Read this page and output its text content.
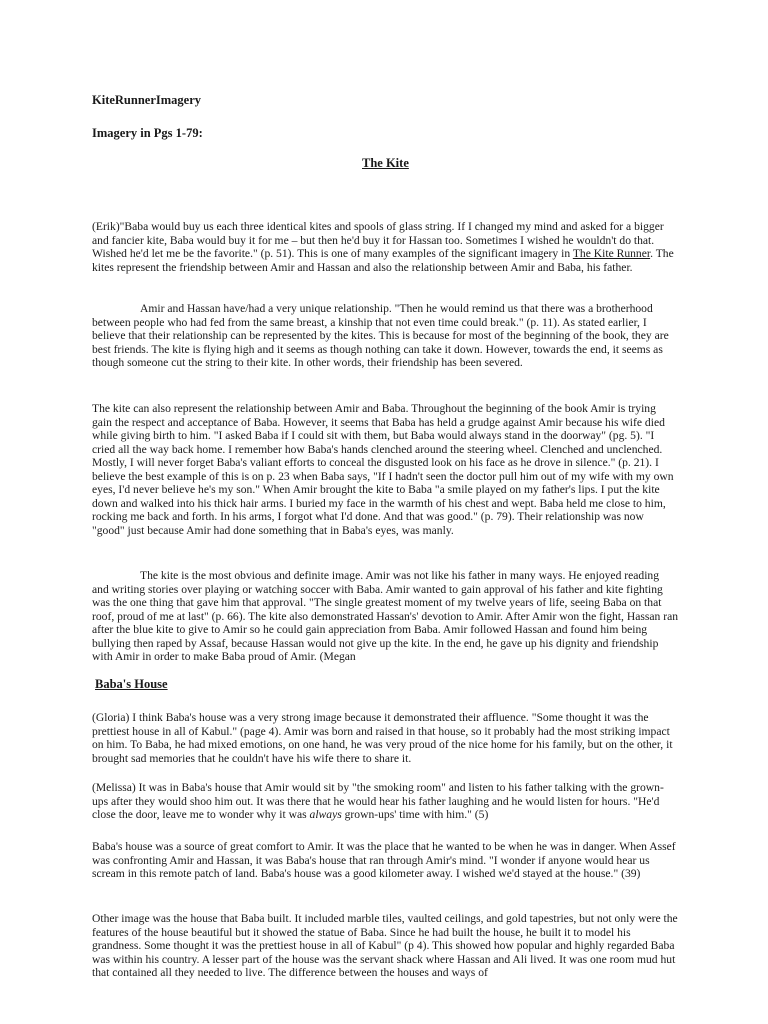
KiteRunnerImagery

Imagery in Pgs 1-79:

The Kite

(Erik)"Baba would buy us each three identical kites and spools of glass string. If I changed my mind and asked for a bigger and fancier kite, Baba would buy it for me – but then he'd buy it for Hassan too. Sometimes I wished he wouldn't do that. Wished he'd let me be the favorite." (p. 51). This is one of many examples of the significant imagery in The Kite Runner. The kites represent the friendship between Amir and Hassan and also the relationship between Amir and Baba, his father.

Amir and Hassan have/had a very unique relationship. "Then he would remind us that there was a brotherhood between people who had fed from the same breast, a kinship that not even time could break." (p. 11). As stated earlier, I believe that their relationship can be represented by the kites. This is because for most of the beginning of the book, they are best friends. The kite is flying high and it seems as though nothing can take it down. However, towards the end, it seems as though someone cut the string to their kite. In other words, their friendship has been severed.

The kite can also represent the relationship between Amir and Baba. Throughout the beginning of the book Amir is trying gain the respect and acceptance of Baba. However, it seems that Baba has held a grudge against Amir because his wife died while giving birth to him. "I asked Baba if I could sit with them, but Baba would always stand in the doorway" (pg. 5). "I cried all the way back home. I remember how Baba's hands clenched around the steering wheel. Clenched and unclenched. Mostly, I will never forget Baba's valiant efforts to conceal the disgusted look on his face as he drove in silence." (p. 21). I believe the best example of this is on p. 23 when Baba says, "If I hadn't seen the doctor pull him out of my wife with my own eyes, I'd never believe he's my son." When Amir brought the kite to Baba "a smile played on my father's lips. I put the kite down and walked into his thick hair arms. I buried my face in the warmth of his chest and wept. Baba held me close to him, rocking me back and forth. In his arms, I forgot what I'd done. And that was good." (p. 79). Their relationship was now "good" just because Amir had done something that in Baba's eyes, was manly.

The kite is the most obvious and definite image. Amir was not like his father in many ways. He enjoyed reading and writing stories over playing or watching soccer with Baba. Amir wanted to gain approval of his father and kite fighting was the one thing that gave him that approval. "The single greatest moment of my twelve years of life, seeing Baba on that roof, proud of me at last" (p. 66). The kite also demonstrated Hassan's' devotion to Amir. After Amir won the fight, Hassan ran after the blue kite to give to Amir so he could gain appreciation from Baba. Amir followed Hassan and found him being bullying then raped by Assaf, because Hassan would not give up the kite. In the end, he gave up his dignity and friendship with Amir in order to make Baba proud of Amir. (Megan

Baba's House

(Gloria) I think Baba's house was a very strong image because it demonstrated their affluence. "Some thought it was the prettiest house in all of Kabul." (page 4). Amir was born and raised in that house, so it probably had the most striking impact on him. To Baba, he had mixed emotions, on one hand, he was very proud of the nice home for his family, but on the other, it brought sad memories that he couldn't have his wife there to share it.

(Melissa) It was in Baba's house that Amir would sit by "the smoking room" and listen to his father talking with the grown-ups after they would shoo him out. It was there that he would hear his father laughing and he would listen for hours. "He'd close the door, leave me to wonder why it was always grown-ups' time with him." (5)

Baba's house was a source of great comfort to Amir. It was the place that he wanted to be when he was in danger. When Assef was confronting Amir and Hassan, it was Baba's house that ran through Amir's mind. "I wonder if anyone would hear us scream in this remote patch of land. Baba's house was a good kilometer away. I wished we'd stayed at the house." (39)

Other image was the house that Baba built. It included marble tiles, vaulted ceilings, and gold tapestries, but not only were the features of the house beautiful but it showed the statue of Baba. Since he had built the house, he built it to model his grandness. Some thought it was the prettiest house in all of Kabul" (p 4). This showed how popular and highly regarded Baba was within his country. A lesser part of the house was the servant shack where Hassan and Ali lived. It was one room mud hut that contained all they needed to live. The difference between the houses and ways of
